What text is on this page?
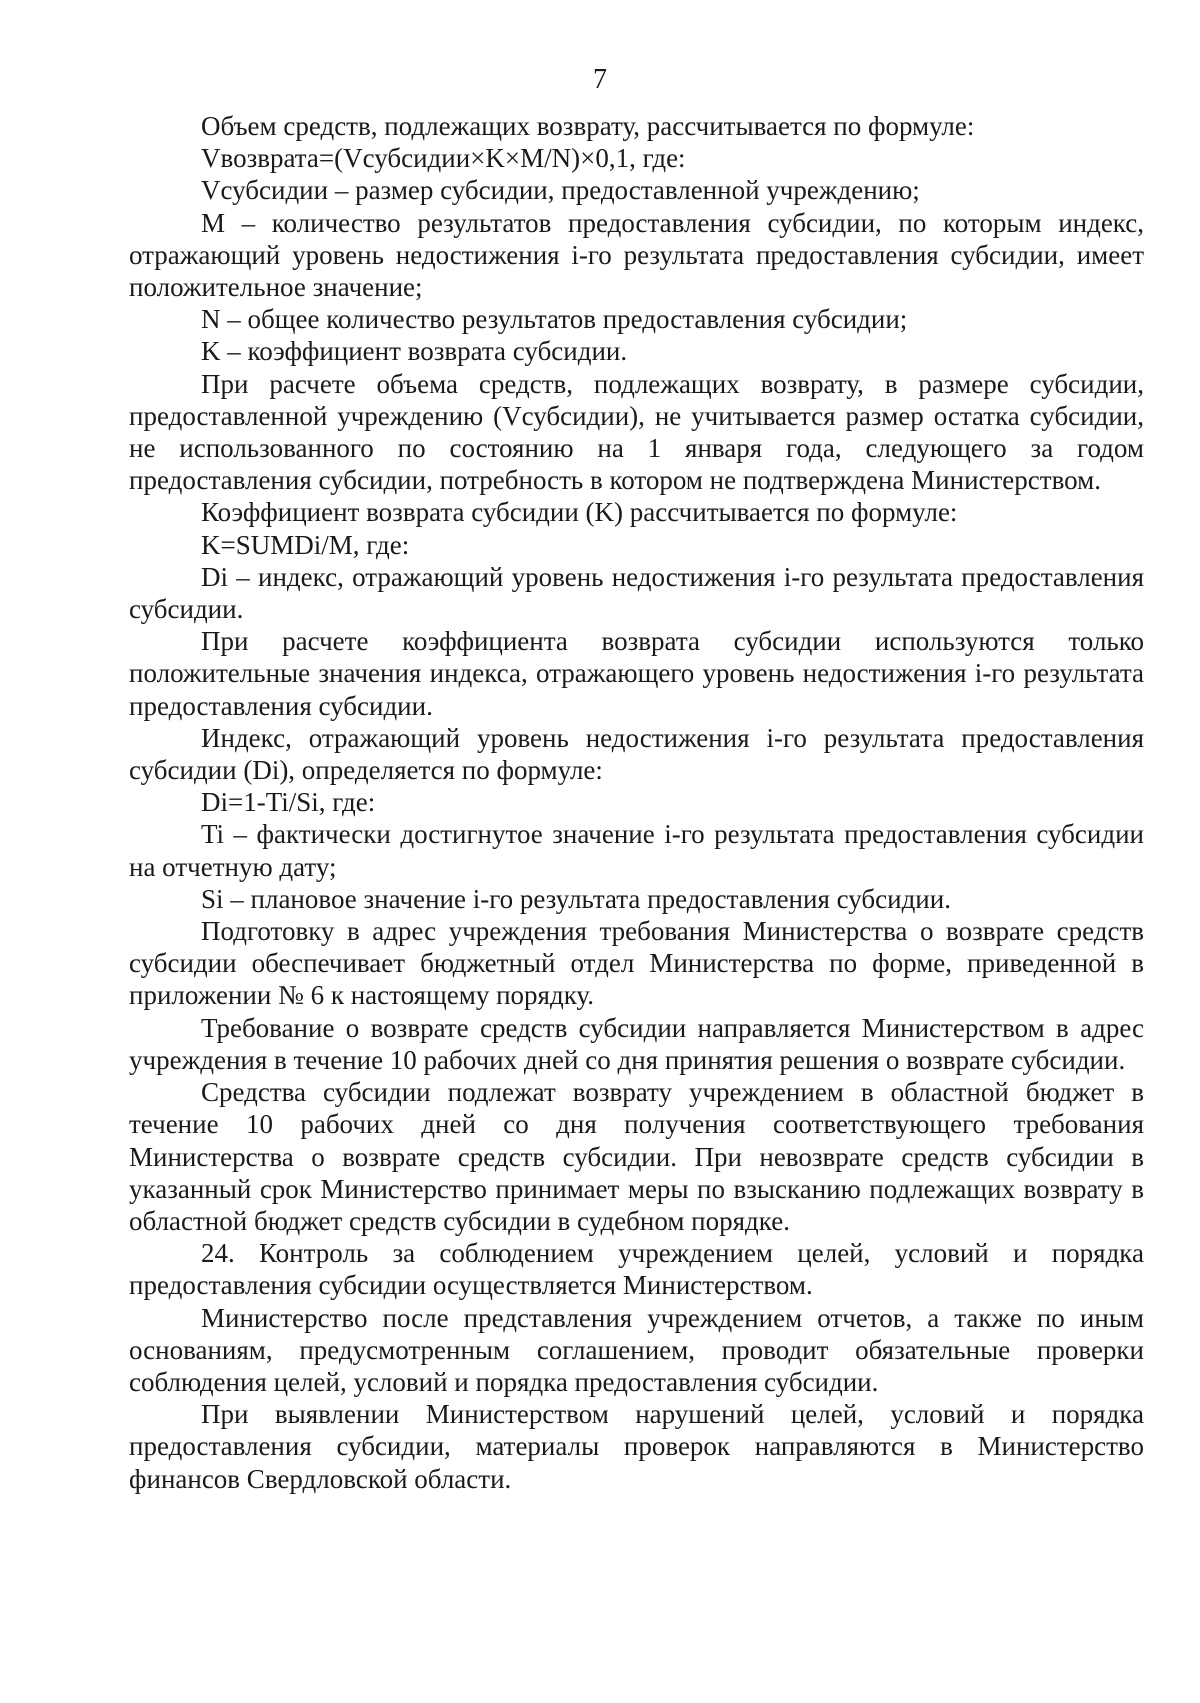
7

Объем средств, подлежащих возврату, рассчитывается по формуле:

Vвозврата=(Vсубсидии×K×M/N)×0,1, где:

Vсубсидии – размер субсидии, предоставленной учреждению;

M – количество результатов предоставления субсидии, по которым индекс, отражающий уровень недостижения i-го результата предоставления субсидии, имеет положительное значение;

N – общее количество результатов предоставления субсидии;

K – коэффициент возврата субсидии.

При расчете объема средств, подлежащих возврату, в размере субсидии, предоставленной учреждению (Vсубсидии), не учитывается размер остатка субсидии, не использованного по состоянию на 1 января года, следующего за годом предоставления субсидии, потребность в котором не подтверждена Министерством.

Коэффициент возврата субсидии (K) рассчитывается по формуле:

K=SUMDi/M, где:

Di – индекс, отражающий уровень недостижения i-го результата предоставления субсидии.

При расчете коэффициента возврата субсидии используются только положительные значения индекса, отражающего уровень недостижения i-го результата предоставления субсидии.

Индекс, отражающий уровень недостижения i-го результата предоставления субсидии (Di), определяется по формуле:

Di=1-Ti/Si, где:

Ti – фактически достигнутое значение i-го результата предоставления субсидии на отчетную дату;

Si – плановое значение i-го результата предоставления субсидии.

Подготовку в адрес учреждения требования Министерства о возврате средств субсидии обеспечивает бюджетный отдел Министерства по форме, приведенной в приложении № 6 к настоящему порядку.

Требование о возврате средств субсидии направляется Министерством в адрес учреждения в течение 10 рабочих дней со дня принятия решения о возврате субсидии.

Средства субсидии подлежат возврату учреждением в областной бюджет в течение 10 рабочих дней со дня получения соответствующего требования Министерства о возврате средств субсидии. При невозврате средств субсидии в указанный срок Министерство принимает меры по взысканию подлежащих возврату в областной бюджет средств субсидии в судебном порядке.

24. Контроль за соблюдением учреждением целей, условий и порядка предоставления субсидии осуществляется Министерством.

Министерство после представления учреждением отчетов, а также по иным основаниям, предусмотренным соглашением, проводит обязательные проверки соблюдения целей, условий и порядка предоставления субсидии.

При выявлении Министерством нарушений целей, условий и порядка предоставления субсидии, материалы проверок направляются в Министерство финансов Свердловской области.
